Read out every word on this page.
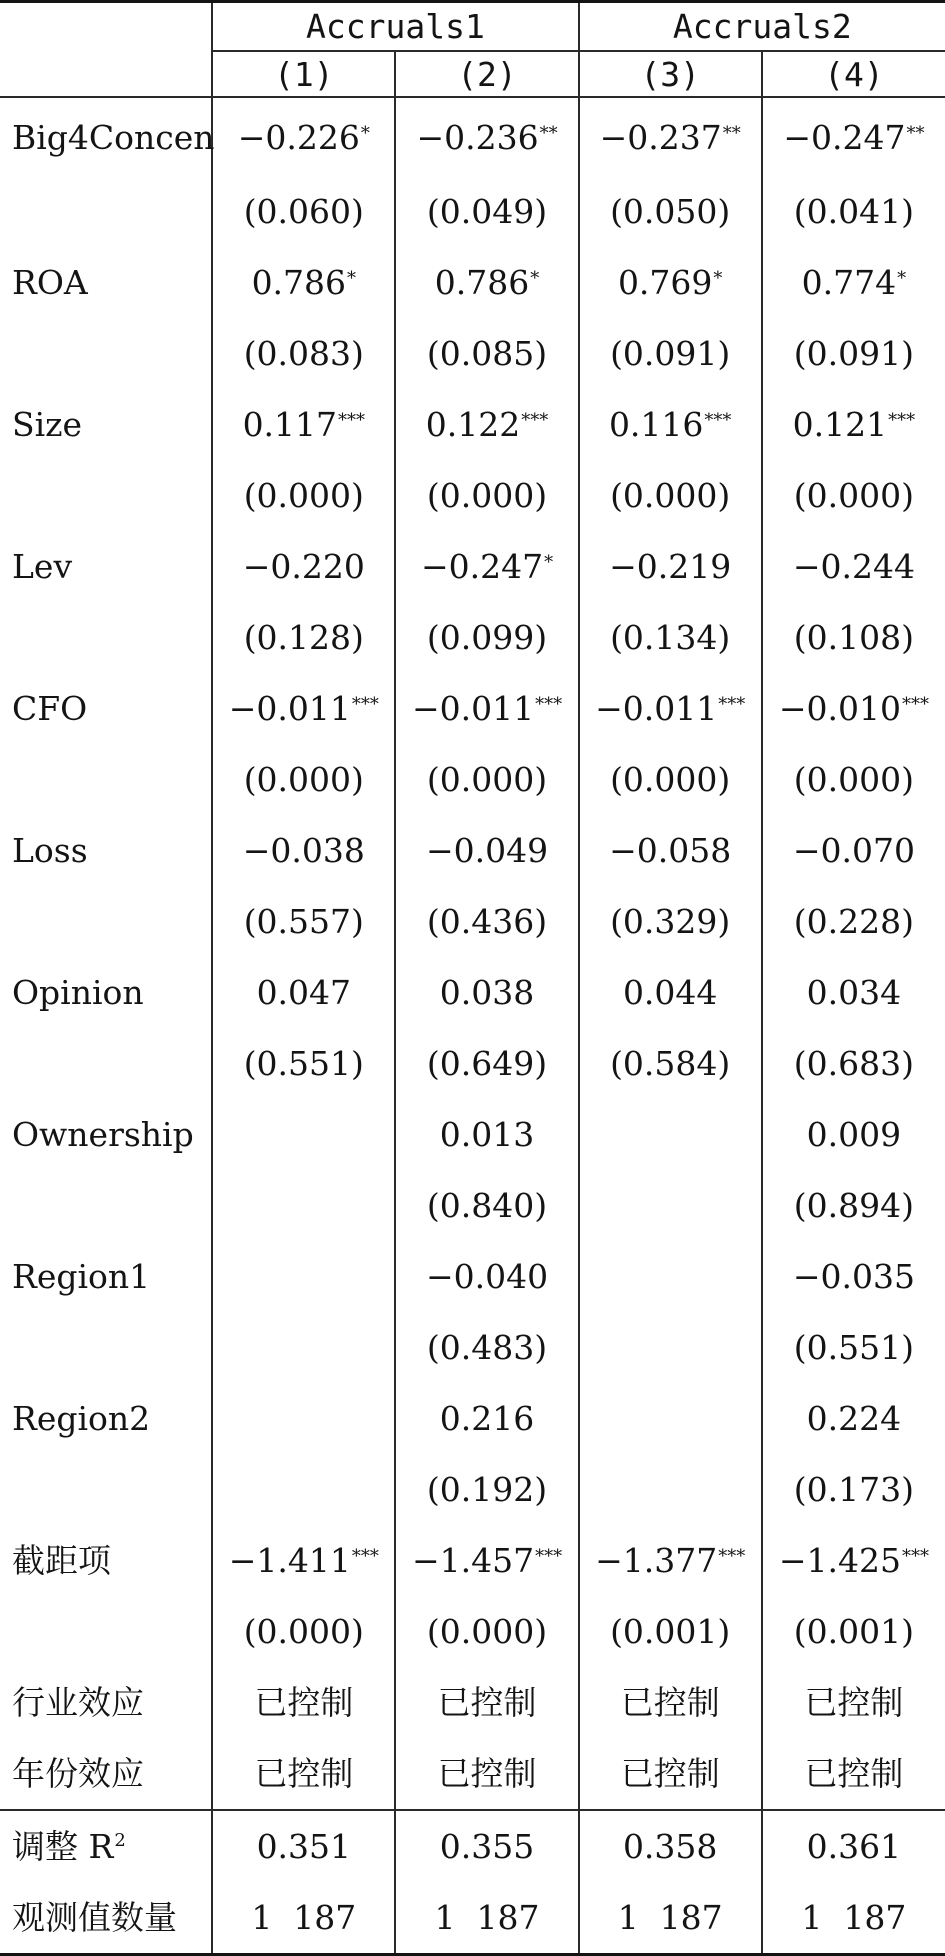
	Accruals1		Accruals2	
	(1)	(2)	(3)	(4)
Big4Concen	−0.226*	−0.236**	−0.237**	−0.247**
	(0.060)	(0.049)	(0.050)	(0.041)
ROA	0.786*	0.786*	0.769*	0.774*
	(0.083)	(0.085)	(0.091)	(0.091)
Size	0.117***	0.122***	0.116***	0.121***
	(0.000)	(0.000)	(0.000)	(0.000)
Lev	−0.220	−0.247*	−0.219	−0.244
	(0.128)	(0.099)	(0.134)	(0.108)
CFO	−0.011***	−0.011***	−0.011***	−0.010***
	(0.000)	(0.000)	(0.000)	(0.000)
Loss	−0.038	−0.049	−0.058	−0.070
	(0.557)	(0.436)	(0.329)	(0.228)
Opinion	0.047	0.038	0.044	0.034
	(0.551)	(0.649)	(0.584)	(0.683)
Ownership		0.013		0.009
		(0.840)		(0.894)
Region1		−0.040		−0.035
		(0.483)		(0.551)
Region2		0.216		0.224
		(0.192)		(0.173)
截距项	−1.411***	−1.457***	−1.377***	−1.425***
	(0.000)	(0.000)	(0.001)	(0.001)
行业效应	已控制	已控制	已控制	已控制
年份效应	已控制	已控制	已控制	已控制
调整 $R^2$	0.351	0.355	0.358	0.361
观测值数量	1  187	1  187	1  187	1  187
